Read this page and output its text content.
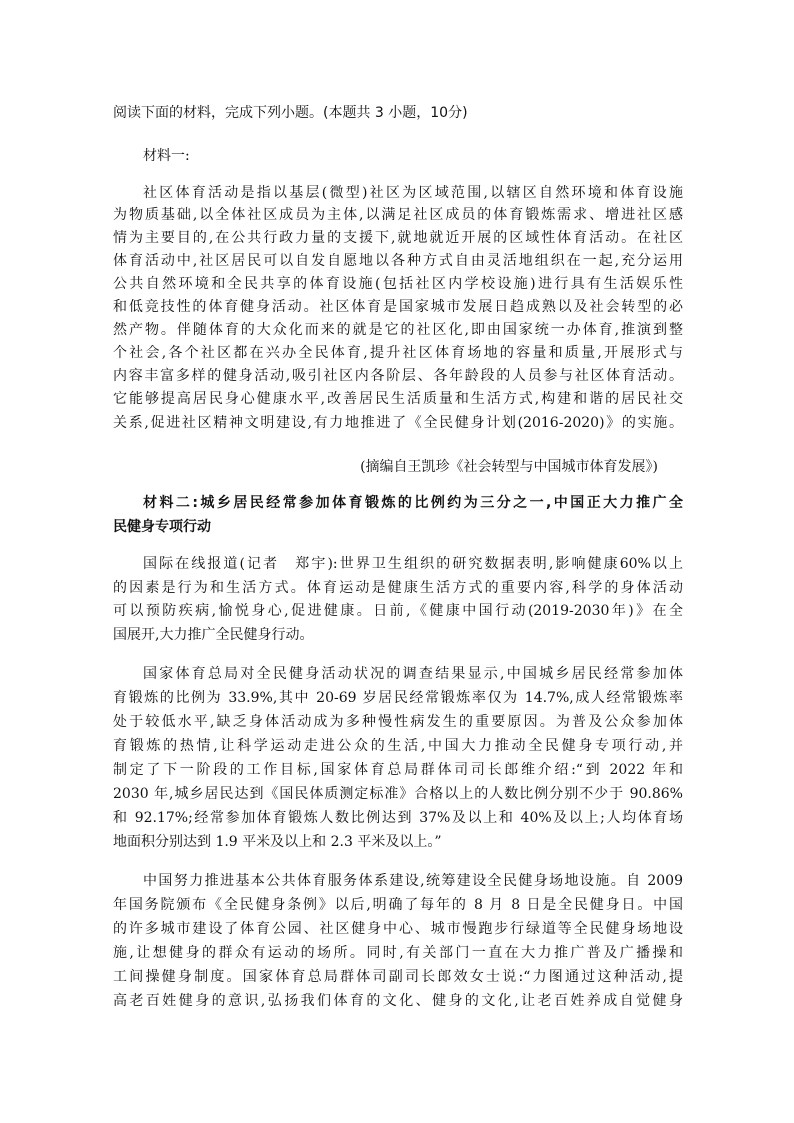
阅读下面的材料，完成下列小题。(本题共 3 小题，10分)
材料一:
社区体育活动是指以基层(微型)社区为区域范围,以辖区自然环境和体育设施
为物质基础,以全体社区成员为主体,以满足社区成员的体育锻炼需求、增进社区感
情为主要目的,在公共行政力量的支援下,就地就近开展的区域性体育活动。在社区
体育活动中,社区居民可以自发自愿地以各种方式自由灵活地组织在一起,充分运用
公共自然环境和全民共享的体育设施(包括社区内学校设施)进行具有生活娱乐性
和低竞技性的体育健身活动。社区体育是国家城市发展日趋成熟以及社会转型的必
然产物。伴随体育的大众化而来的就是它的社区化,即由国家统一办体育,推演到整
个社会,各个社区都在兴办全民体育,提升社区体育场地的容量和质量,开展形式与
内容丰富多样的健身活动,吸引社区内各阶层、各年龄段的人员参与社区体育活动。
它能够提高居民身心健康水平,改善居民生活质量和生活方式,构建和谐的居民社交
关系,促进社区精神文明建设,有力地推进了《全民健身计划(2016-2020)》的实施。
(摘编自王凯珍《社会转型与中国城市体育发展》)
材料二:城乡居民经常参加体育锻炼的比例约为三分之一,中国正大力推广全
民健身专项行动
国际在线报道(记者　郑宇):世界卫生组织的研究数据表明,影响健康60%以上
的因素是行为和生活方式。体育运动是健康生活方式的重要内容,科学的身体活动
可以预防疾病,愉悦身心,促进健康。日前,《健康中国行动(2019-2030年)》在全
国展开,大力推广全民健身行动。
国家体育总局对全民健身活动状况的调查结果显示,中国城乡居民经常参加体
育锻炼的比例为 33.9%,其中 20-69 岁居民经常锻炼率仅为 14.7%,成人经常锻炼率
处于较低水平,缺乏身体活动成为多种慢性病发生的重要原因。为普及公众参加体
育锻炼的热情,让科学运动走进公众的生活,中国大力推动全民健身专项行动,并
制定了下一阶段的工作目标,国家体育总局群体司司长郎维介绍:“到 2022 年和
2030 年,城乡居民达到《国民体质测定标准》合格以上的人数比例分别不少于 90.86%
和 92.17%;经常参加体育锻炼人数比例达到 37%及以上和 40%及以上;人均体育场
地面积分别达到 1.9 平米及以上和 2.3 平米及以上。”
中国努力推进基本公共体育服务体系建设,统筹建设全民健身场地设施。自 2009
年国务院颁布《全民健身条例》以后,明确了每年的 8 月 8 日是全民健身日。中国
的许多城市建设了体育公园、社区健身中心、城市慢跑步行绿道等全民健身场地设
施,让想健身的群众有运动的场所。同时,有关部门一直在大力推广普及广播操和
工间操健身制度。国家体育总局群体司副司长郎效女士说:“力图通过这种活动,提
高老百姓健身的意识,弘扬我们体育的文化、健身的文化,让老百姓养成自觉健身
